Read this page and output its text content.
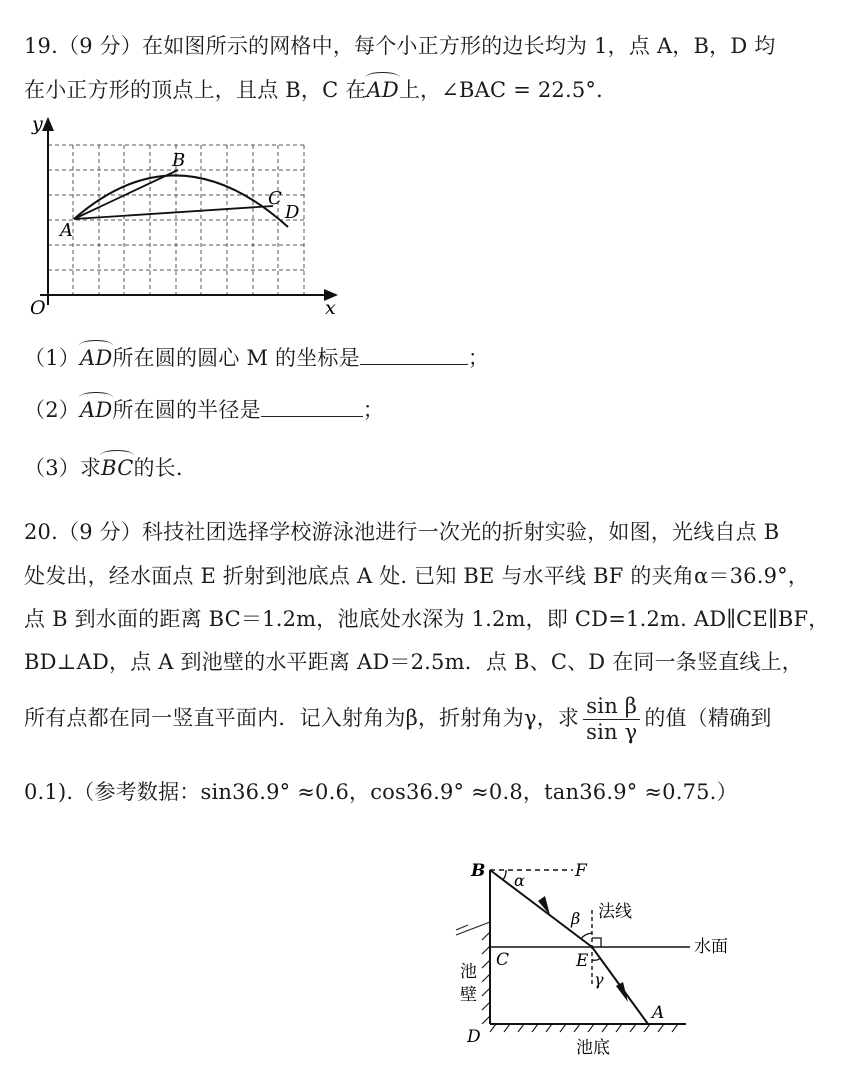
19.（9 分）在如图所示的网格中，每个小正方形的边长均为 1，点 A，B，D 均
在小正方形的顶点上，且点 B，C 在AD上，∠BAC = 22.5°．
y
x
O
A
B
C
D
（1）AD所在圆的圆心 M 的坐标是	；
（2）AD所在圆的半径是	；
（3）求BC的长.
20.（9 分）科技社团选择学校游泳池进行一次光的折射实验，如图，光线自点 B
处发出，经水面点 E 折射到池底点 A 处. 已知 BE 与水平线 BF 的夹角α＝36.9°，
点 B 到水面的距离 BC＝1.2m，池底处水深为 1.2m，即 CD=1.2m. AD∥CE∥BF，
BD⊥AD，点 A 到池壁的水平距离 AD＝2.5m．点 B、C、D 在同一条竖直线上，
所有点都在同一竖直平面内．记入射角为β，折射角为γ，求 $\frac{\text{sin β}}{\text{sin γ}}$ 的值（精确到
0.1).（参考数据：sin36.9° ≈0.6，cos36.9° ≈0.8，tan36.9° ≈0.75.）
B	F
α
β 法线
C	E
γ
水面
池
壁
D
A
池底
